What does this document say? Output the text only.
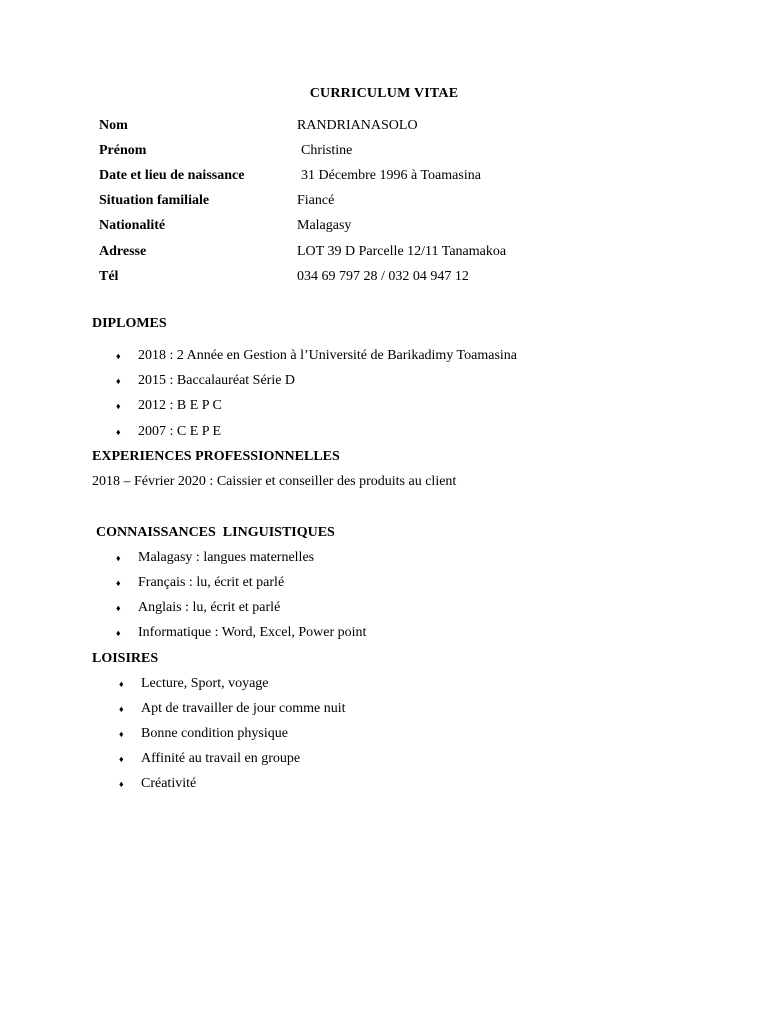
CURRICULUM VITAE
Nom	RANDRIANASOLO
Prénom	Christine
Date et lieu de naissance	31 Décembre 1996 à Toamasina
Situation familiale	Fiancé
Nationalité	Malagasy
Adresse	LOT 39 D Parcelle 12/11 Tanamakoa
Tél	034 69 797 28 / 032 04 947 12
DIPLOMES
♦ 2018 : 2 Année en Gestion à l’Université de Barikadimy Toamasina
♦ 2015 : Baccalauréat Série D
♦ 2012 : B E P C
♦ 2007 : C E P E
EXPERIENCES PROFESSIONNELLES
2018 – Février 2020 : Caissier et conseiller des produits au client
CONNAISSANCES  LINGUISTIQUES
♦ Malagasy : langues maternelles
♦ Français : lu, écrit et parlé
♦ Anglais : lu, écrit et parlé
♦ Informatique : Word, Excel, Power point
LOISIRES
♦ Lecture, Sport, voyage
♦ Apt de travailler de jour comme nuit
♦ Bonne condition physique
♦ Affinité au travail en groupe
♦ Créativité
